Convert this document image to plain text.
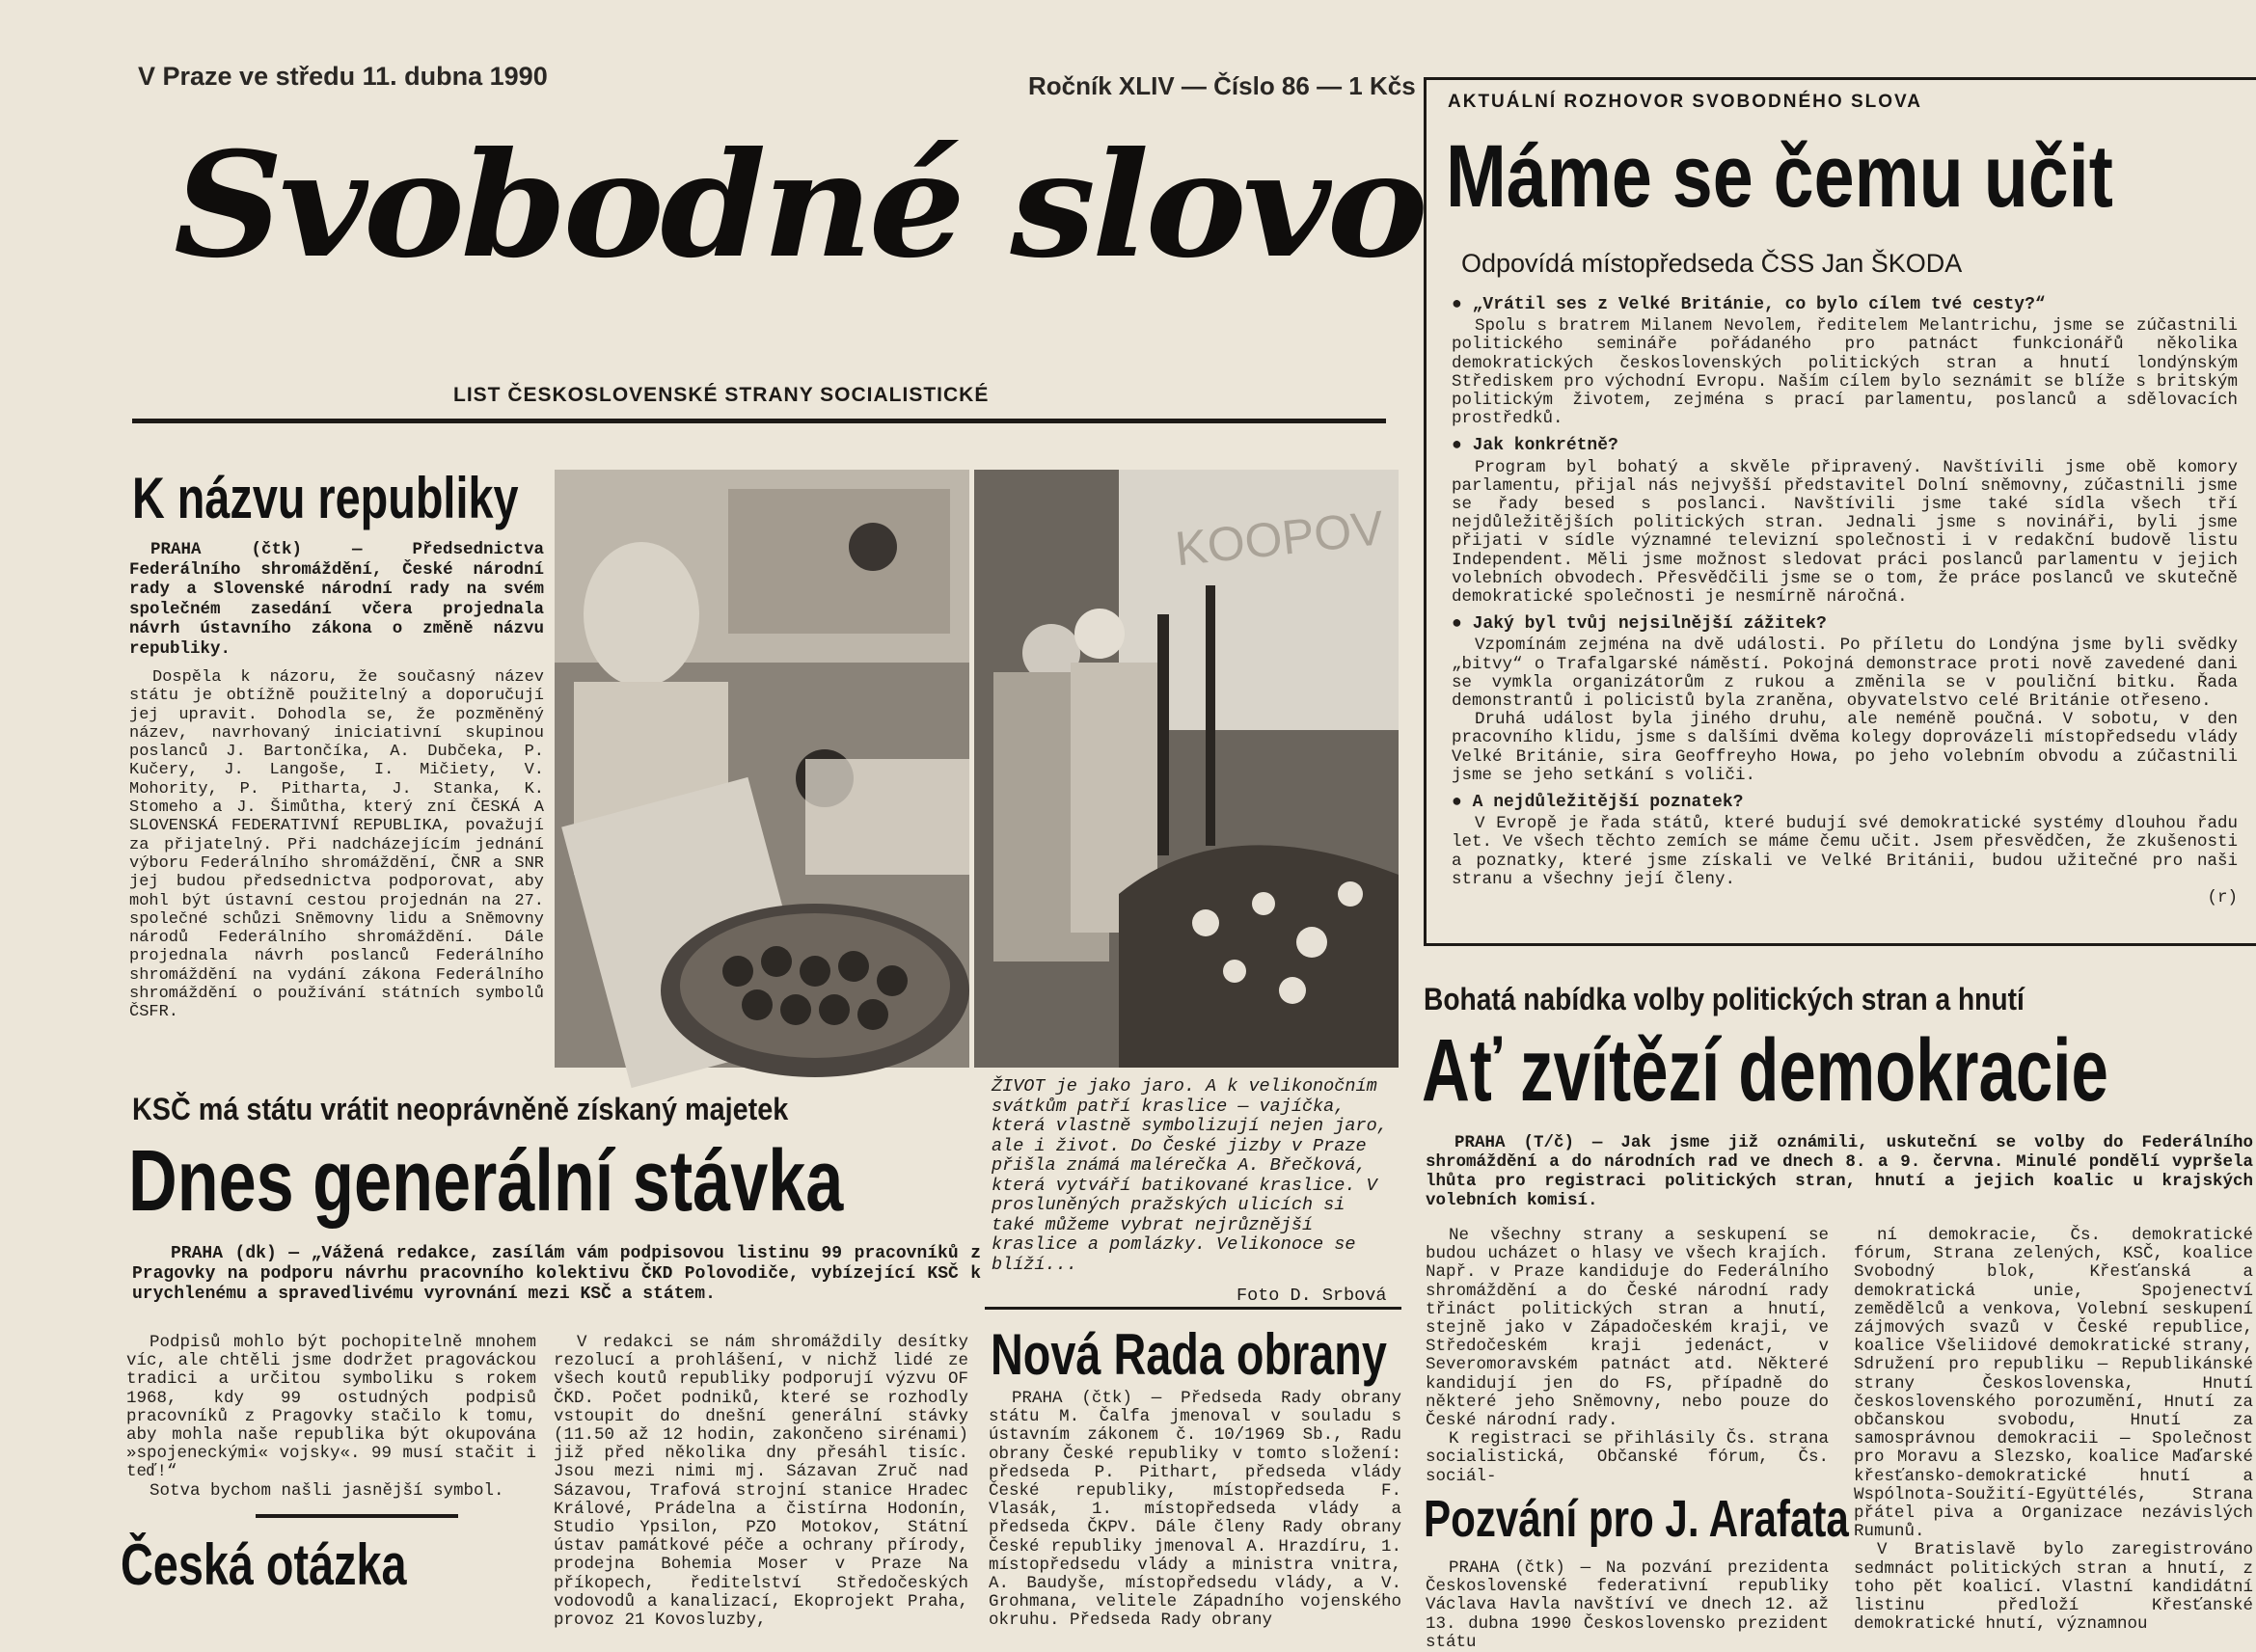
V Praze ve středu 11. dubna 1990	Ročník XLIV — Číslo 86 — 1 Kčs
Svobodné slovo
LIST ČESKOSLOVENSKÉ STRANY SOCIALISTICKÉ
AKTUÁLNÍ ROZHOVOR SVOBODNÉHO SLOVA
Máme se čemu učit
Odpovídá místopředseda ČSS Jan ŠKODA
● „Vrátil ses z Velké Británie, co bylo cílem tvé cesty?“

Spolu s bratrem Milanem Nevolem, ředitelem Melantrichu, jsme se zúčastnili politického semináře pořádaného pro patnáct funkcionářů několika demokratických československých politických stran a hnutí londýnským Střediskem pro východní Evropu. Naším cílem bylo seznámit se blíže s britským politickým životem, zejména s prací parlamentu, poslanců a sdělovacích prostředků.

● Jak konkrétně?

Program byl bohatý a skvěle připravený. Navštívili jsme obě komory parlamentu, přijal nás nejvyšší představitel Dolní sněmovny, zúčastnili jsme se řady besed s poslanci. Navštívili jsme také sídla všech tří nejdůležitějších politických stran. Jednali jsme s novináři, byli jsme přijati v sídle významné televizní společnosti i v redakční budově listu Independent. Měli jsme možnost sledovat práci poslanců parlamentu v jejich volebních obvodech. Přesvědčili jsme se o tom, že práce poslanců ve skutečně demokratické společnosti je nesmírně náročná.

● Jaký byl tvůj nejsilnější zážitek?

Vzpomínám zejména na dvě události. Po příletu do Londýna jsme byli svědky „bitvy“ o Trafalgarské náměstí. Pokojná demonstrace proti nově zavedené dani se vymkla organizátorům z rukou a změnila se v pouliční bitku. Řada demonstrantů i policistů byla zraněna, obyvatelstvo celé Británie otřeseno.

Druhá událost byla jiného druhu, ale neméně poučná. V sobotu, v den pracovního klidu, jsme s dalšími dvěma kolegy doprovázeli místopředsedu vlády Velké Británie, sira Geoffreyho Howa, po jeho volebním obvodu a zúčastnili jsme se jeho setkání s voliči.

● A nejdůležitější poznatek?

V Evropě je řada států, které budují své demokratické systémy dlouhou řadu let. Ve všech těchto zemích se máme čemu učit. Jsem přesvědčen, že zkušenosti a poznatky, které jsme získali ve Velké Británii, budou užitečné pro naši stranu a všechny její členy.

(r)
K názvu republiky
PRAHA (čtk) — Předsednictva Federálního shromáždění, České národní rady a Slovenské národní rady na svém společném zasedání včera projednala návrh ústavního zákona o změně názvu republiky.

Dospěla k názoru, že současný název státu je obtížně použitelný a doporučují jej upravit. Dohodla se, že pozměněný název, navrhovaný iniciativní skupinou poslanců J. Bartončíka, A. Dubčeka, P. Kučery, J. Langoše, I. Mičiety, V. Mohority, P. Pitharta, J. Stanka, K. Stomeho a J. Šimůtha, který zní ČESKÁ A SLOVENSKÁ FEDERATIVNÍ REPUBLIKA, považují za přijatelný. Při nadcházejícím jednání výboru Federálního shromáždění, ČNR a SNR jej budou předsednictva podporovat, aby mohl být ústavní cestou projednán na 27. společné schůzi Sněmovny lidu a Sněmovny národů Federálního shromáždění. Dále projednala návrh poslanců Federálního shromáždění na vydání zákona Federálního shromáždění o používání státních symbolů ČSFR.

KOOPOV
ŽIVOT je jako jaro. A k velikonočním svátkům patří kraslice — vajíčka, která vlastně symbolizují nejen jaro, ale i život. Do České jizby v Praze přišla známá malérečka A. Břečková, která vytváří batikované kraslice. V prosluněných pražských ulicích si také můžeme vybrat nejrůznější kraslice a pomlázky. Velikonoce se blíží...
Foto D. Srbová
KSČ má státu vrátit neoprávněně získaný majetek
Dnes generální stávka
PRAHA (dk) — „Vážená redakce, zasílám vám podpisovou listinu 99 pracovníků z Pragovky na podporu návrhu pracovního kolektivu ČKD Polovodiče, vybízející KSČ k urychlenému a spravedlivému vyrovnání mezi KSČ a státem.

Podpisů mohlo být pochopitelně mnohem víc, ale chtěli jsme dodržet pragováckou tradici a určitou symboliku s rokem 1968, kdy 99 ostudných podpisů pracovníků z Pragovky stačilo k tomu, aby mohla naše republika být okupována »spojeneckými« vojsky«. 99 musí stačit i teď!“

Sotva bychom našli jasnější symbol.

V redakci se nám shromáždily desítky rezolucí a prohlášení, v nichž lidé ze všech koutů republiky podporují výzvu OF ČKD. Počet podniků, které se rozhodly vstoupit do dnešní generální stávky (11.50 až 12 hodin, zakončeno sirénami) již před několika dny přesáhl tisíc. Jsou mezi nimi mj. Sázavan Zruč nad Sázavou, Trafová strojní stanice Hradec Králové, Prádelna a čistírna Hodonín, Studio Ypsilon, PZO Motokov, Státní ústav památkové péče a ochrany přírody, prodejna Bohemia Moser v Praze Na příkopech, ředitelství Středočeských vodovodů a kanalizací, Ekoprojekt Praha, provoz 21 Kovosluzby,

Česká otázka
Nová Rada obrany

PRAHA (čtk) — Předseda Rady obrany státu M. Čalfa jmenoval v souladu s ústavním zákonem č. 10/1969 Sb., Radu obrany České republiky v tomto složení: předseda P. Pithart, předseda vlády České republiky, místopředseda F. Vlasák, 1. místopředseda vlády a předseda ČKPV. Dále členy Rady obrany České republiky jmenoval A. Hrazdíru, 1. místopředsedu vlády a ministra vnitra, A. Baudyše, místopředsedu vlády, a V. Grohmana, velitele Západního vojenského okruhu. Předseda Rady obrany

Bohatá nabídka volby politických stran a hnutí
Ať zvítězí demokracie
PRAHA (T/č) — Jak jsme již oznámili, uskuteční se volby do Federálního shromáždění a do národních rad ve dnech 8. a 9. června. Minulé pondělí vypršela lhůta pro registraci politických stran, hnutí a jejich koalic u krajských volebních komisí.

Ne všechny strany a seskupení se budou ucházet o hlasy ve všech krajích. Např. v Praze kandiduje do Federálního shromáždění a do České národní rady třináct politických stran a hnutí, stejně jako v Západočeském kraji, ve Středočeském kraji jedenáct, v Severomoravském patnáct atd. Některé kandidují jen do FS, případně do některé jeho Sněmovny, nebo pouze do České národní rady.

K registraci se přihlásily Čs. strana socialistická, Občanské fórum, Čs. sociál-

ní demokracie, Čs. demokratické fórum, Strana zelených, KSČ, koalice Svobodný blok, Křesťanská a demokratická unie, Spojenectví zemědělců a venkova, Volební seskupení zájmových svazů v České republice, koalice Všeliidové demokratické strany, Sdružení pro republiku — Republikánské strany Československa, Hnutí československého porozumění, Hnutí za občanskou svobodu, Hnutí za samosprávnou demokracii — Společnost pro Moravu a Slezsko, koalice Maďarské křesťansko-demokratické hnutí a Wspólnota-Soužití-Együttélés, Strana přátel piva a Organizace nezávislých Rumunů.

V Bratislavě bylo zaregistrováno sedmnáct politických stran a hnutí, z toho pět koalicí. Vlastní kandidátní listinu předloží Křesťanské demokratické hnutí, významnou

Pozvání pro J. Arafata

PRAHA (čtk) — Na pozvání prezidenta Československé federativní republiky Václava Havla navštíví ve dnech 12. až 13. dubna 1990 Československo prezident státu
